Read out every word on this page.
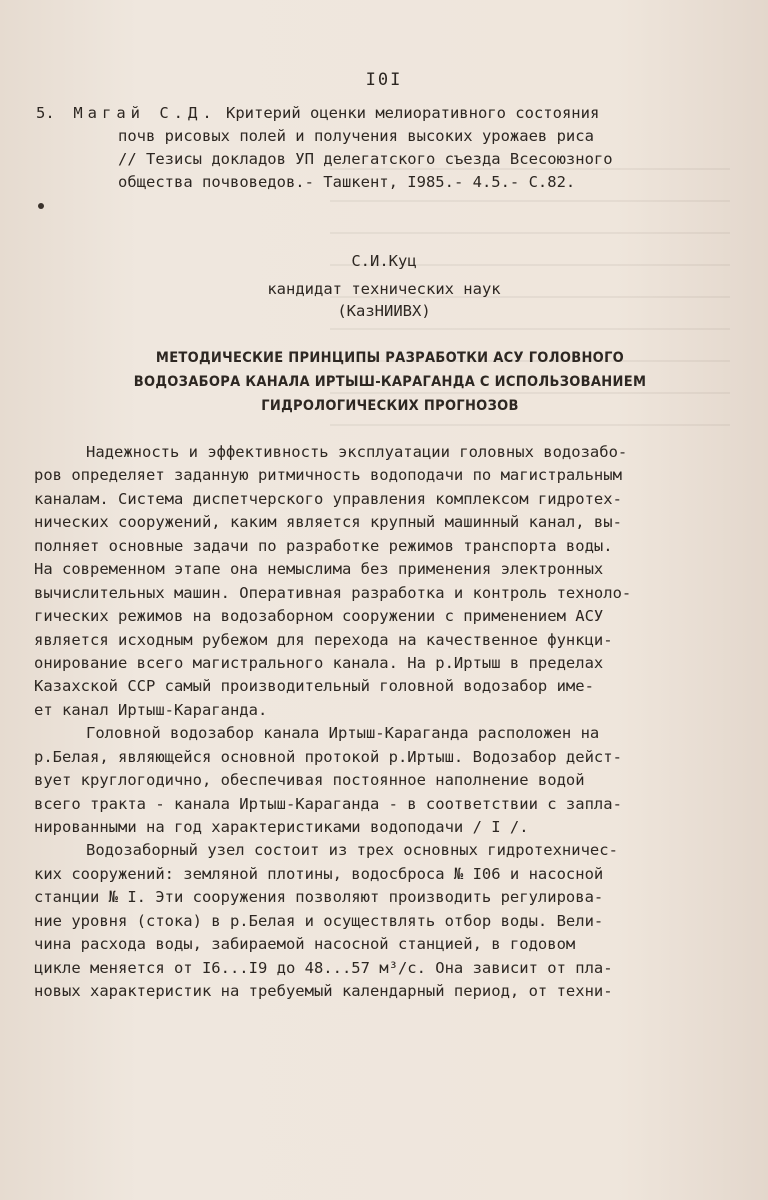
I0I
5. Магай С.Д. Критерий оценки мелиоративного состояния
почв рисовых полей и получения высоких урожаев риса
// Тезисы докладов УП делегатского съезда Всесоюзного
общества почвоведов.- Ташкент, I985.- 4.5.- С.82.
С.И.Куц
кандидат технических наук
(КазНИИВХ)
МЕТОДИЧЕСКИЕ ПРИНЦИПЫ РАЗРАБОТКИ АСУ ГОЛОВНОГО
ВОДОЗАБОРА КАНАЛА ИРТЫШ-КАРАГАНДА С ИСПОЛЬЗОВАНИЕМ
ГИДРОЛОГИЧЕСКИХ ПРОГНОЗОВ
Надежность и эффективность эксплуатации головных водозабо-
ров определяет заданную ритмичность водоподачи по магистральным
каналам. Система диспетчерского управления комплексом гидротех-
нических сооружений, каким является крупный машинный канал, вы-
полняет основные задачи по разработке режимов транспорта воды.
На современном этапе она немыслима без применения электронных
вычислительных машин. Оперативная разработка и контроль техноло-
гических режимов на водозаборном сооружении с применением АСУ
является исходным рубежом для перехода на качественное функци-
онирование всего магистрального канала. На р.Иртыш в пределах
Казахской ССР самый производительный головной водозабор име-
ет канал Иртыш-Караганда.
Головной водозабор канала Иртыш-Караганда расположен на
р.Белая, являющейся основной протокой р.Иртыш. Водозабор дейст-
вует круглогодично, обеспечивая постоянное наполнение водой
всего тракта - канала Иртыш-Караганда - в соответствии с запла-
нированными на год характеристиками водоподачи / I /.
Водозаборный узел состоит из трех основных гидротехничес-
ких сооружений: земляной плотины, водосброса № I06 и насосной
станции № I. Эти сооружения позволяют производить регулирова-
ние уровня (стока) в р.Белая и осуществлять отбор воды. Вели-
чина расхода воды, забираемой насосной станцией, в годовом
цикле меняется от I6...I9 до 48...57 м³/с. Она зависит от пла-
новых характеристик на требуемый календарный период, от техни-
